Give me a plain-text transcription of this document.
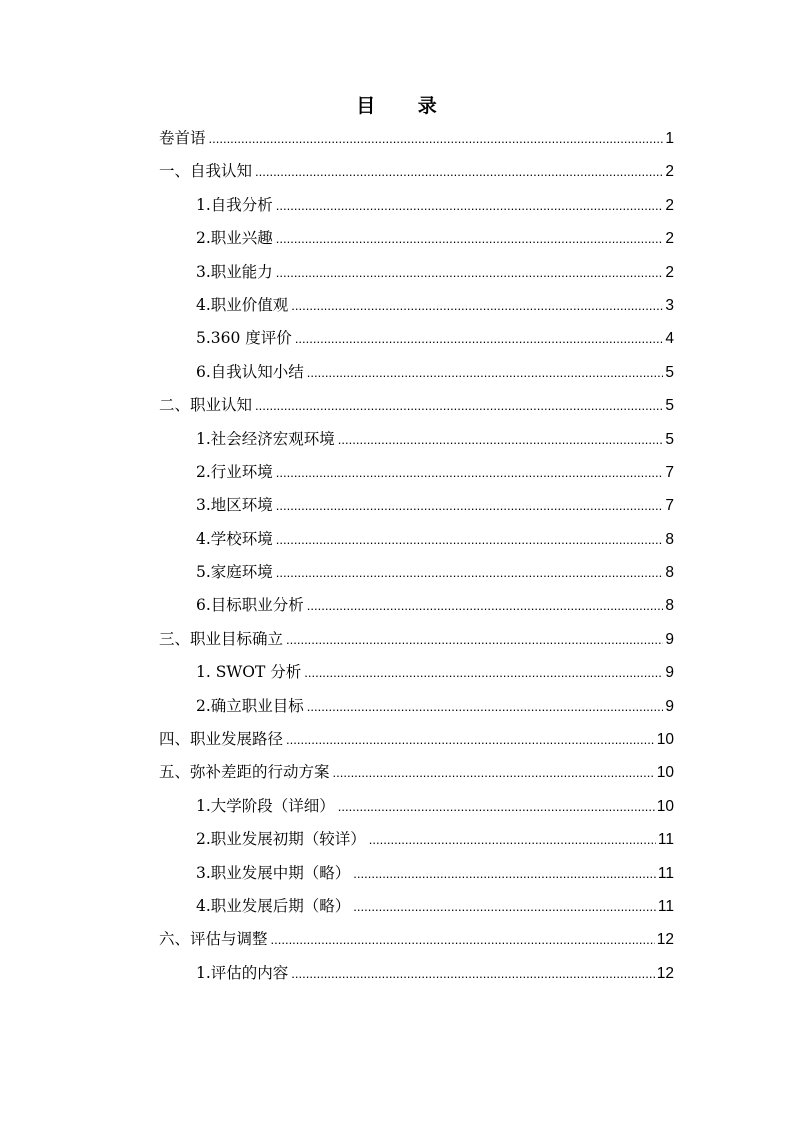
目 录
卷首语 .....	1
一、自我认知 .....	2
1.自我分析 .....	2
2.职业兴趣 .....	2
3.职业能力 .....	2
4.职业价值观 .....	3
5.360 度评价 .....	4
6.自我认知小结 .....	5
二、职业认知 .....	5
1.社会经济宏观环境 .....	5
2.行业环境 .....	7
3.地区环境 .....	7
4.学校环境 .....	8
5.家庭环境 .....	8
6.目标职业分析 .....	8
三、职业目标确立 .....	9
1. SWOT 分析 .....	9
2.确立职业目标 .....	9
四、职业发展路径 .....	10
五、弥补差距的行动方案 .....	10
1.大学阶段（详细） .....	10
2.职业发展初期（较详） .....	11
3.职业发展中期（略） .....	11
4.职业发展后期（略） .....	11
六、评估与调整 .....	12
1.评估的内容 .....	12
